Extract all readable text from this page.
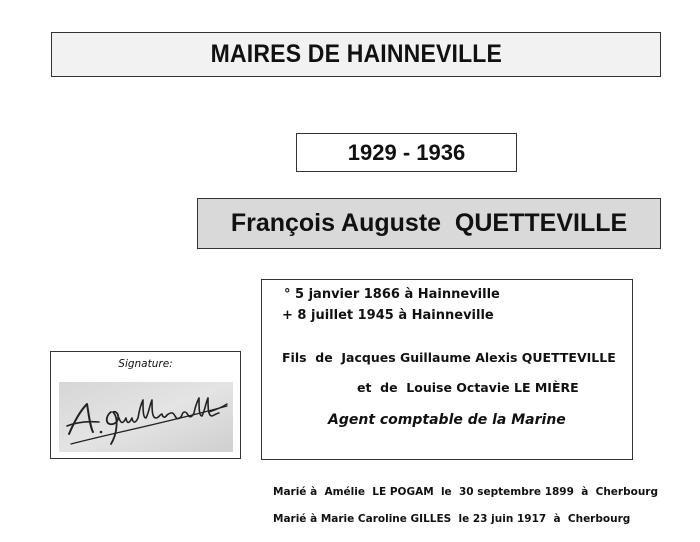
MAIRES DE HAINNEVILLE
1929 - 1936
François Auguste  QUETTEVILLE
° 5 janvier 1866 à Hainneville
+ 8 juillet 1945 à Hainneville
Fils  de  Jacques Guillaume Alexis QUETTEVILLE
et  de  Louise Octavie LE MIÈRE
Agent comptable de la Marine
Signature:
Marié à  Amélie  LE POGAM  le  30 septembre 1899  à  Cherbourg
Marié à Marie Caroline GILLES  le 23 juin 1917  à  Cherbourg
